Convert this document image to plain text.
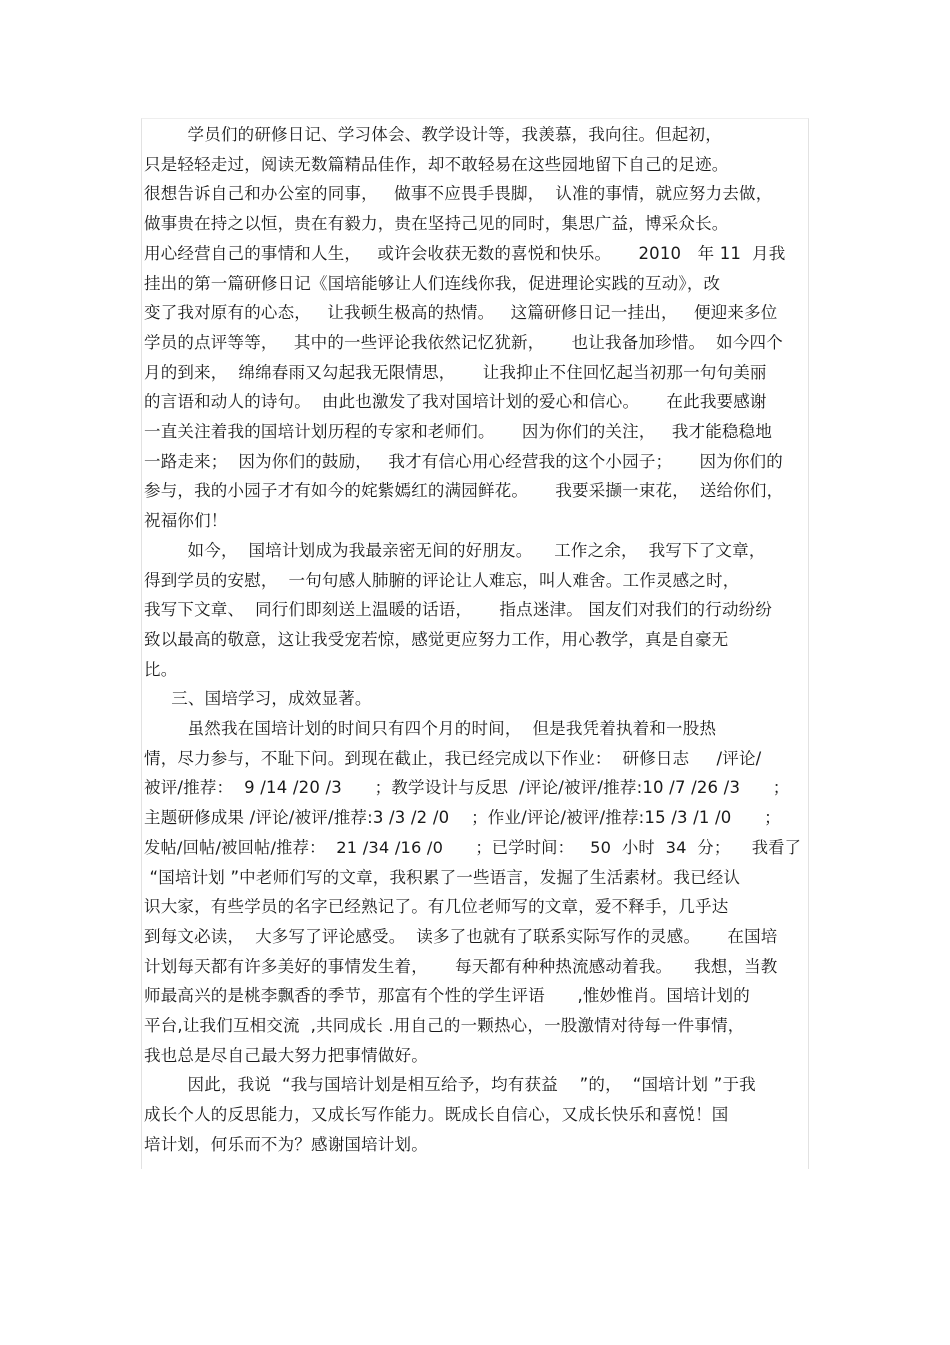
学员们的研修日记、学习体会、教学设计等，我羡慕，我向往。但起初，
只是轻轻走过，阅读无数篇精品佳作，却不敢轻易在这些园地留下自己的足迹。
很想告诉自己和办公室的同事，   做事不应畏手畏脚，  认准的事情，就应努力去做，
做事贵在持之以恒，贵在有毅力，贵在坚持己见的同时，集思广益，博采众长。
用心经营自己的事情和人生，   或许会收获无数的喜悦和快乐。     2010   年 11  月我
挂出的第一篇研修日记《国培能够让人们连线你我，促进理论实践的互动》，改
变了我对原有的心态，   让我顿生极高的热情。   这篇研修日记一挂出，   便迎来多位
学员的点评等等，   其中的一些评论我依然记忆犹新，     也让我备加珍惜。  如今四个
月的到来，  绵绵春雨又勾起我无限情思，     让我抑止不住回忆起当初那一句句美丽
的言语和动人的诗句。  由此也激发了我对国培计划的爱心和信心。     在此我要感谢
一直关注着我的国培计划历程的专家和老师们。     因为你们的关注，   我才能稳稳地
一路走来；  因为你们的鼓励，   我才有信心用心经营我的这个小园子；     因为你们的
参与，我的小园子才有如今的姹紫嫣红的满园鲜花。     我要采撷一束花，  送给你们，
祝福你们！
如今，  国培计划成为我最亲密无间的好朋友。    工作之余，  我写下了文章，
得到学员的安慰，  一句句感人肺腑的评论让人难忘，叫人难舍。工作灵感之时，
我写下文章、  同行们即刻送上温暖的话语，     指点迷津。 国友们对我们的行动纷纷
致以最高的敬意，这让我受宠若惊，感觉更应努力工作，用心教学，真是自豪无
比。
三、国培学习，成效显著。
虽然我在国培计划的时间只有四个月的时间，  但是我凭着执着和一股热
情，尽力参与，不耻下问。到现在截止，我已经完成以下作业：  研修日志     /评论/
被评/推荐：  9 /14 /20 /3      ；教学设计与反思  /评论/被评/推荐:10 /7 /26 /3      ；
主题研修成果 /评论/被评/推荐:3 /3 /2 /0    ；作业/评论/被评/推荐:15 /3 /1 /0      ；
发帖/回帖/被回帖/推荐：  21 /34 /16 /0      ；已学时间：   50  小时  34  分；    我看了
“国培计划 ”中老师们写的文章，我积累了一些语言，发掘了生活素材。我已经认
识大家，有些学员的名字已经熟记了。有几位老师写的文章，爱不释手，几乎达
到每文必读，  大多写了评论感受。  读多了也就有了联系实际写作的灵感。     在国培
计划每天都有许多美好的事情发生着，     每天都有种种热流感动着我。    我想，当教
师最高兴的是桃李飘香的季节，那富有个性的学生评语      ,惟妙惟肖。国培计划的
平台,让我们互相交流  ,共同成长 .用自己的一颗热心，一股激情对待每一件事情，
我也总是尽自己最大努力把事情做好。
因此，我说  “我与国培计划是相互给予，均有获益    ”的，  “国培计划 ”于我
成长个人的反思能力，又成长写作能力。既成长自信心，又成长快乐和喜悦！国
培计划，何乐而不为？感谢国培计划。
